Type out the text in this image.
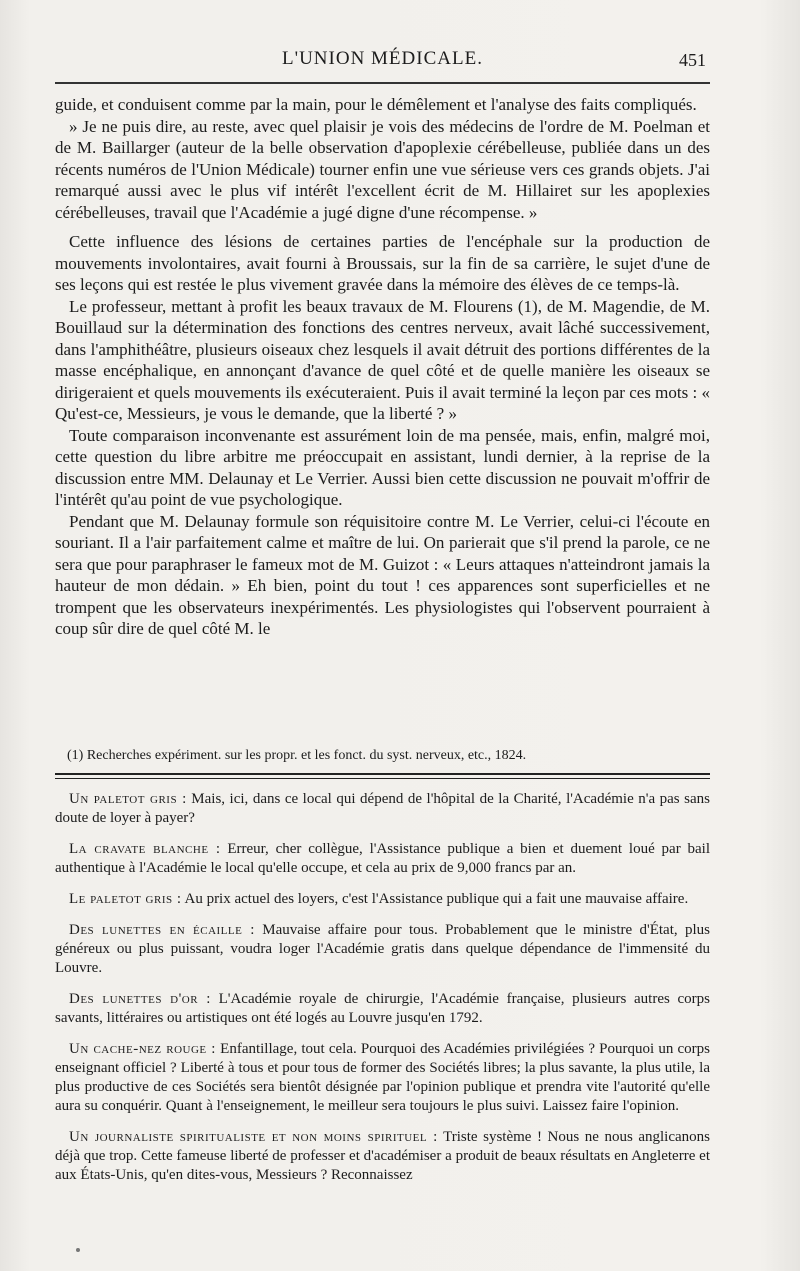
L'UNION MÉDICALE.	451

guide, et conduisent comme par la main, pour le démêlement et l'analyse des faits compliqués.

» Je ne puis dire, au reste, avec quel plaisir je vois des médecins de l'ordre de M. Poelman et de M. Baillarger (auteur de la belle observation d'apoplexie cérébelleuse, publiée dans un des récents numéros de l'Union Médicale) tourner enfin une vue sérieuse vers ces grands objets. J'ai remarqué aussi avec le plus vif intérêt l'excellent écrit de M. Hillairet sur les apoplexies cérébelleuses, travail que l'Académie a jugé digne d'une récompense. »

Cette influence des lésions de certaines parties de l'encéphale sur la production de mouvements involontaires, avait fourni à Broussais, sur la fin de sa carrière, le sujet d'une de ses leçons qui est restée le plus vivement gravée dans la mémoire des élèves de ce temps-là.

Le professeur, mettant à profit les beaux travaux de M. Flourens (1), de M. Magendie, de M. Bouillaud sur la détermination des fonctions des centres nerveux, avait lâché successivement, dans l'amphithéâtre, plusieurs oiseaux chez lesquels il avait détruit des portions différentes de la masse encéphalique, en annonçant d'avance de quel côté et de quelle manière les oiseaux se dirigeraient et quels mouvements ils exécuteraient. Puis il avait terminé la leçon par ces mots : « Qu'est-ce, Messieurs, je vous le demande, que la liberté ? »

Toute comparaison inconvenante est assurément loin de ma pensée, mais, enfin, malgré moi, cette question du libre arbitre me préoccupait en assistant, lundi dernier, à la reprise de la discussion entre MM. Delaunay et Le Verrier. Aussi bien cette discussion ne pouvait m'offrir de l'intérêt qu'au point de vue psychologique.

Pendant que M. Delaunay formule son réquisitoire contre M. Le Verrier, celui-ci l'écoute en souriant. Il a l'air parfaitement calme et maître de lui. On parierait que s'il prend la parole, ce ne sera que pour paraphraser le fameux mot de M. Guizot : « Leurs attaques n'atteindront jamais la hauteur de mon dédain. » Eh bien, point du tout ! ces apparences sont superficielles et ne trompent que les observateurs inexpérimentés. Les physiologistes qui l'observent pourraient à coup sûr dire de quel côté M. le

(1) Recherches expériment. sur les propr. et les fonct. du syst. nerveux, etc., 1824.

Un paletot gris : Mais, ici, dans ce local qui dépend de l'hôpital de la Charité, l'Académie n'a pas sans doute de loyer à payer?

La cravate blanche : Erreur, cher collègue, l'Assistance publique a bien et duement loué par bail authentique à l'Académie le local qu'elle occupe, et cela au prix de 9,000 francs par an.

Le paletot gris : Au prix actuel des loyers, c'est l'Assistance publique qui a fait une mauvaise affaire.

Des lunettes en écaille : Mauvaise affaire pour tous. Probablement que le ministre d'État, plus généreux ou plus puissant, voudra loger l'Académie gratis dans quelque dépendance de l'immensité du Louvre.

Des lunettes d'or : L'Académie royale de chirurgie, l'Académie française, plusieurs autres corps savants, littéraires ou artistiques ont été logés au Louvre jusqu'en 1792.

Un cache-nez rouge : Enfantillage, tout cela. Pourquoi des Académies privilégiées ? Pourquoi un corps enseignant officiel ? Liberté à tous et pour tous de former des Sociétés libres; la plus savante, la plus utile, la plus productive de ces Sociétés sera bientôt désignée par l'opinion publique et prendra vite l'autorité qu'elle aura su conquérir. Quant à l'enseignement, le meilleur sera toujours le plus suivi. Laissez faire l'opinion.

Un journaliste spiritualiste et non moins spirituel : Triste système ! Nous ne nous anglicanons déjà que trop. Cette fameuse liberté de professer et d'académiser a produit de beaux résultats en Angleterre et aux États-Unis, qu'en dites-vous, Messieurs ? Reconnaissez
